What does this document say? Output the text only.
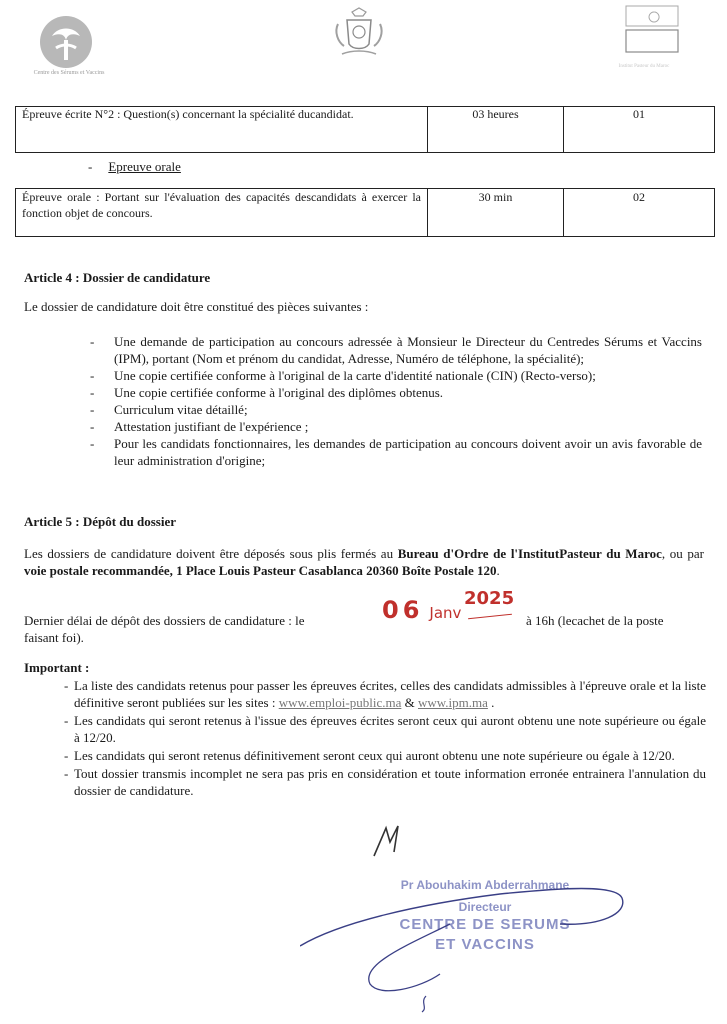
Centre des Sérums et Vaccins
Institut Pasteur du Maroc
Épreuve écrite N°2 : Question(s) concernant la spécialité ducandidat.	03 heures	01
- Epreuve orale
Épreuve orale : Portant sur l'évaluation des capacités descandidats à exercer la fonction objet de concours.	30 min	02
Article 4 : Dossier de candidature
Le dossier de candidature doit être constitué des pièces suivantes :
- Une demande de participation au concours adressée à Monsieur le Directeur du Centredes Sérums et Vaccins (IPM), portant (Nom et prénom du candidat, Adresse, Numéro de téléphone, la spécialité);
- Une copie certifiée conforme à l'original de la carte d'identité nationale (CIN) (Recto-verso);
- Une copie certifiée conforme à l'original des diplômes obtenus.
- Curriculum vitae détaillé;
- Attestation justifiant de l'expérience ;
- Pour les candidats fonctionnaires, les demandes de participation au concours doivent avoir un avis favorable de leur administration d'origine;
Article 5 : Dépôt du dossier
Les dossiers de candidature doivent être déposés sous plis fermés au Bureau d'Ordre de l'InstitutPasteur du Maroc, ou par voie postale recommandée, 1 Place Louis Pasteur Casablanca 20360 Boîte Postale 120.
Dernier délai de dépôt des dossiers de candidature : le	06 Janv
2025
à 16h (lecachet de la poste
faisant foi).
Important :
- La liste des candidats retenus pour passer les épreuves écrites, celles des candidats admissibles à l'épreuve orale et la liste définitive seront publiées sur les sites : www.emploi-public.ma & www.ipm.ma .
- Les candidats qui seront retenus à l'issue des épreuves écrites seront ceux qui auront obtenu une note supérieure ou égale à 12/20.
- Les candidats qui seront retenus définitivement seront ceux qui auront obtenu une note supérieure ou égale à 12/20.
- Tout dossier transmis incomplet ne sera pas pris en considération et toute information erronée entrainera l'annulation du dossier de candidature.
Pr Abouhakim Abderrahmane
Directeur
CENTRE DE SERUMS
ET VACCINS
